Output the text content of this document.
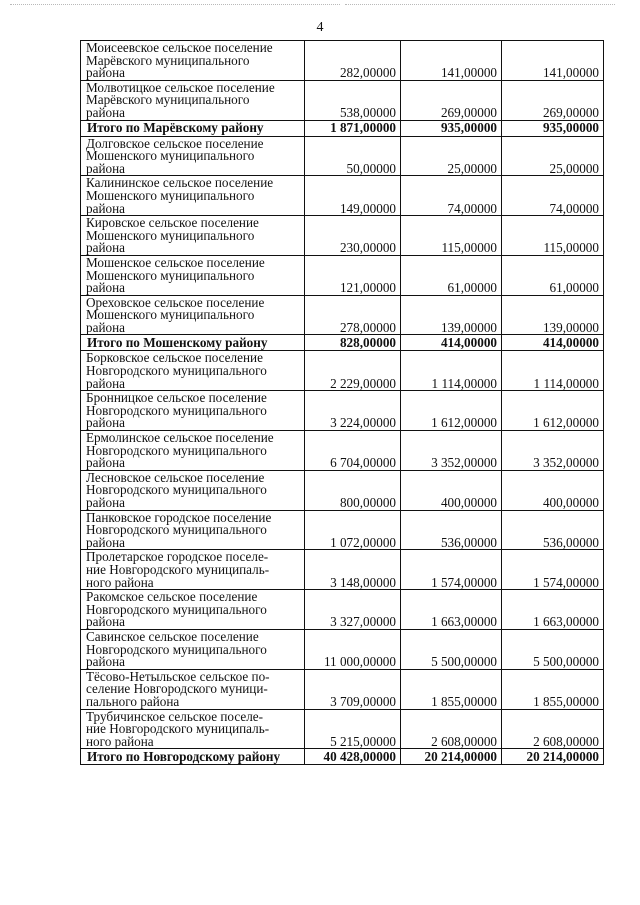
4
Моисеевское сельское поселение
Марёвского муниципального
района	282,00000	141,00000	141,00000
Молвотицкое сельское поселение
Марёвского муниципального
района	538,00000	269,00000	269,00000
Итого по Марёвскому району	1 871,00000	935,00000	935,00000
Долговское сельское поселение
Мошенского муниципального
района	50,00000	25,00000	25,00000
Калининское сельское поселение
Мошенского муниципального
района	149,00000	74,00000	74,00000
Кировское сельское поселение
Мошенского муниципального
района	230,00000	115,00000	115,00000
Мошенское сельское поселение
Мошенского муниципального
района	121,00000	61,00000	61,00000
Ореховское сельское поселение
Мошенского муниципального
района	278,00000	139,00000	139,00000
Итого по Мошенскому району	828,00000	414,00000	414,00000
Борковское сельское поселение
Новгородского муниципального
района	2 229,00000	1 114,00000	1 114,00000
Бронницкое сельское поселение
Новгородского муниципального
района	3 224,00000	1 612,00000	1 612,00000
Ермолинское сельское поселение
Новгородского муниципального
района	6 704,00000	3 352,00000	3 352,00000
Лесновское сельское поселение
Новгородского муниципального
района	800,00000	400,00000	400,00000
Панковское городское поселение
Новгородского муниципального
района	1 072,00000	536,00000	536,00000
Пролетарское городское поселе-
ние Новгородского муниципаль-
ного района	3 148,00000	1 574,00000	1 574,00000
Ракомское сельское поселение
Новгородского муниципального
района	3 327,00000	1 663,00000	1 663,00000
Савинское сельское поселение
Новгородского муниципального
района	11 000,00000	5 500,00000	5 500,00000
Тёсово-Нетыльское сельское по-
селение Новгородского муници-
пального района	3 709,00000	1 855,00000	1 855,00000
Трубичинское сельское поселе-
ние Новгородского муниципаль-
ного района	5 215,00000	2 608,00000	2 608,00000
Итого по Новгородскому району	40 428,00000	20 214,00000	20 214,00000
